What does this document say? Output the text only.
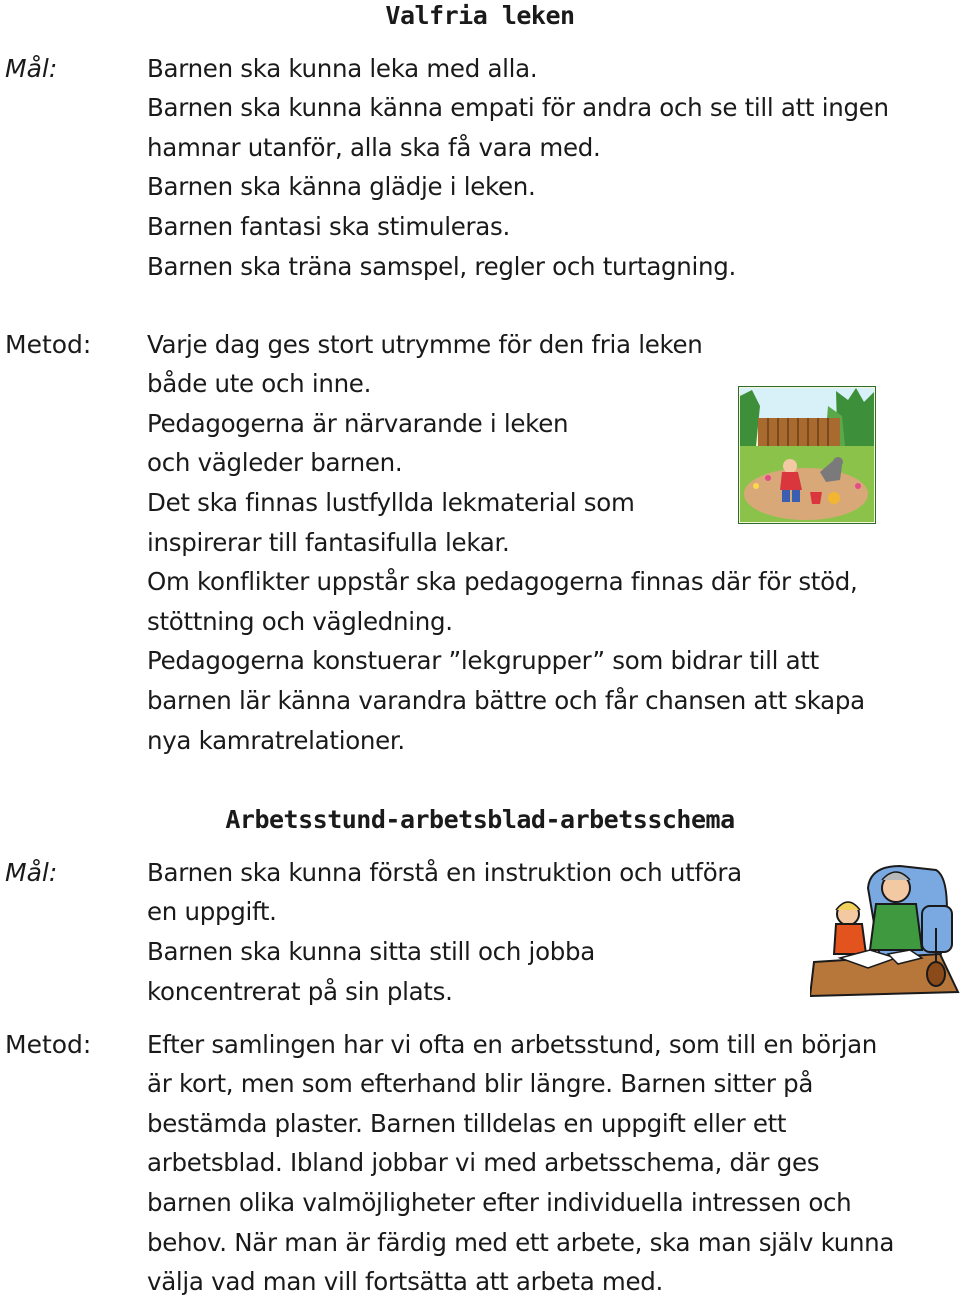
Valfria leken
Mål:	Barnen ska kunna leka med alla.
Barnen ska kunna känna empati för andra och se till att ingen
hamnar utanför, alla ska få vara med.
Barnen ska känna glädje i leken.
Barnen fantasi ska stimuleras.
Barnen ska träna samspel, regler och turtagning.
Metod: Varje dag ges stort utrymme för den fria leken
både ute och inne.
Pedagogerna är närvarande i leken
och vägleder barnen.
Det ska finnas lustfyllda lekmaterial som
inspirerar till fantasifulla lekar.
Om konflikter uppstår ska pedagogerna finnas där för stöd,
stöttning och vägledning.
Pedagogerna konstuerar ”lekgrupper” som bidrar till att
barnen lär känna varandra bättre och får chansen att skapa
nya kamratrelationer.
Arbetsstund-arbetsblad-arbetsschema
Mål:	Barnen ska kunna förstå en instruktion och utföra
en uppgift.
Barnen ska kunna sitta still och jobba
koncentrerat på sin plats.
Metod: Efter samlingen har vi ofta en arbetsstund, som till en början
är kort, men som efterhand blir längre. Barnen sitter på
bestämda plaster. Barnen tilldelas en uppgift eller ett
arbetsblad. Ibland jobbar vi med arbetsschema, där ges
barnen olika valmöjligheter efter individuella intressen och
behov. När man är färdig med ett arbete, ska man själv kunna
välja vad man vill fortsätta att arbeta med.
